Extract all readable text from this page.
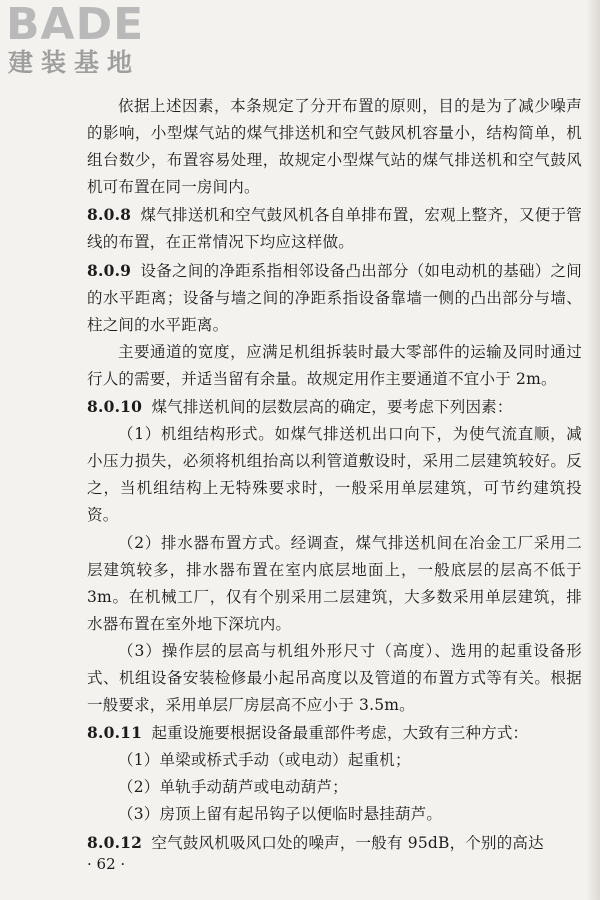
BADE
建装基地

依据上述因素，本条规定了分开布置的原则，目的是为了减少噪声的影响，小型煤气站的煤气排送机和空气鼓风机容量小，结构简单，机组台数少，布置容易处理，故规定小型煤气站的煤气排送机和空气鼓风机可布置在同一房间内。

8.0.8 煤气排送机和空气鼓风机各自单排布置，宏观上整齐，又便于管线的布置，在正常情况下均应这样做。

8.0.9 设备之间的净距系指相邻设备凸出部分（如电动机的基础）之间的水平距离；设备与墙之间的净距系指设备靠墙一侧的凸出部分与墙、柱之间的水平距离。

主要通道的宽度，应满足机组拆装时最大零部件的运输及同时通过行人的需要，并适当留有余量。故规定用作主要通道不宜小于 2m。

8.0.10 煤气排送机间的层数层高的确定，要考虑下列因素：

（1）机组结构形式。如煤气排送机出口向下，为使气流直顺，减小压力损失，必须将机组抬高以利管道敷设时，采用二层建筑较好。反之，当机组结构上无特殊要求时，一般采用单层建筑，可节约建筑投资。

（2）排水器布置方式。经调查，煤气排送机间在冶金工厂采用二层建筑较多，排水器布置在室内底层地面上，一般底层的层高不低于 3m。在机械工厂，仅有个别采用二层建筑，大多数采用单层建筑，排水器布置在室外地下深坑内。

（3）操作层的层高与机组外形尺寸（高度）、选用的起重设备形式、机组设备安装检修最小起吊高度以及管道的布置方式等有关。根据一般要求，采用单层厂房层高不应小于 3.5m。

8.0.11 起重设施要根据设备最重部件考虑，大致有三种方式：

（1）单梁或桥式手动（或电动）起重机；

（2）单轨手动葫芦或电动葫芦；

（3）房顶上留有起吊钩子以便临时悬挂葫芦。

8.0.12 空气鼓风机吸风口处的噪声，一般有 95dB，个别的高达

· 62 ·
